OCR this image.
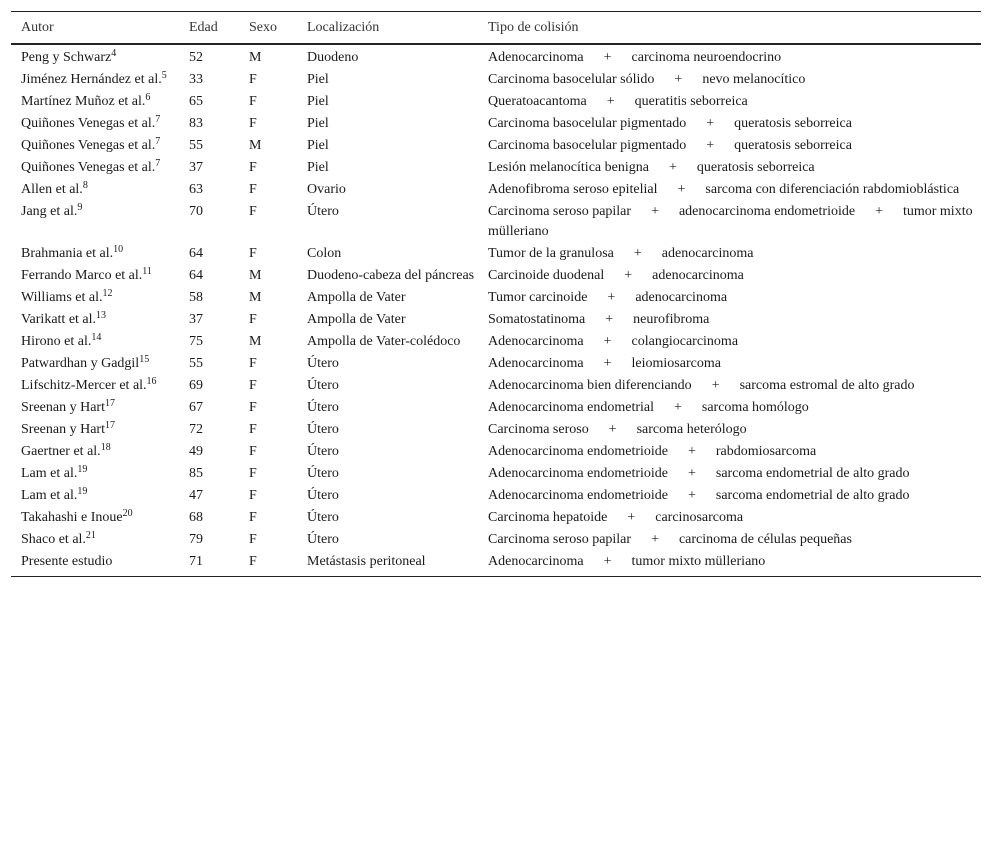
Autor	Edad	Sexo	Localización	Tipo de colisión
Peng y Schwarz$^4$	52	M	Duodeno	Adenocarcinoma + carcinoma neuroendocrino
Jiménez Hernández et al.$^5$	33	F	Piel	Carcinoma basocelular sólido + nevo melanocítico
Martínez Muñoz et al.$^6$	65	F	Piel	Queratoacantoma + queratitis seborreica
Quiñones Venegas et al.$^7$	83	F	Piel	Carcinoma basocelular pigmentado + queratosis seborreica
Quiñones Venegas et al.$^7$	55	M	Piel	Carcinoma basocelular pigmentado + queratosis seborreica
Quiñones Venegas et al.$^7$	37	F	Piel	Lesión melanocítica benigna + queratosis seborreica
Allen et al.$^8$	63	F	Ovario	Adenofibroma seroso epitelial + sarcoma con diferenciación rabdomioblástica
Jang et al.$^9$	70	F	Útero	Carcinoma seroso papilar + adenocarcinoma endometrioide + tumor mixto mülleriano
Brahmania et al.$^{10}$	64	F	Colon	Tumor de la granulosa + adenocarcinoma
Ferrando Marco et al.$^{11}$	64	M	Duodeno-cabeza del páncreas	Carcinoide duodenal + adenocarcinoma
Williams et al.$^{12}$	58	M	Ampolla de Vater	Tumor carcinoide + adenocarcinoma
Varikatt et al.$^{13}$	37	F	Ampolla de Vater	Somatostatinoma + neurofibroma
Hirono et al.$^{14}$	75	M	Ampolla de Vater-colédoco	Adenocarcinoma + colangiocarcinoma
Patwardhan y Gadgil$^{15}$	55	F	Útero	Adenocarcinoma + leiomiosarcoma
Lifschitz-Mercer et al.$^{16}$	69	F	Útero	Adenocarcinoma bien diferenciando + sarcoma estromal de alto grado
Sreenan y Hart$^{17}$	67	F	Útero	Adenocarcinoma endometrial + sarcoma homólogo
Sreenan y Hart$^{17}$	72	F	Útero	Carcinoma seroso + sarcoma heterólogo
Gaertner et al.$^{18}$	49	F	Útero	Adenocarcinoma endometrioide + rabdomiosarcoma
Lam et al.$^{19}$	85	F	Útero	Adenocarcinoma endometrioide + sarcoma endometrial de alto grado
Lam et al.$^{19}$	47	F	Útero	Adenocarcinoma endometrioide + sarcoma endometrial de alto grado
Takahashi e Inoue$^{20}$	68	F	Útero	Carcinoma hepatoide + carcinosarcoma
Shaco et al.$^{21}$	79	F	Útero	Carcinoma seroso papilar + carcinoma de células pequeñas
Presente estudio	71	F	Metástasis peritoneal	Adenocarcinoma + tumor mixto mülleriano
